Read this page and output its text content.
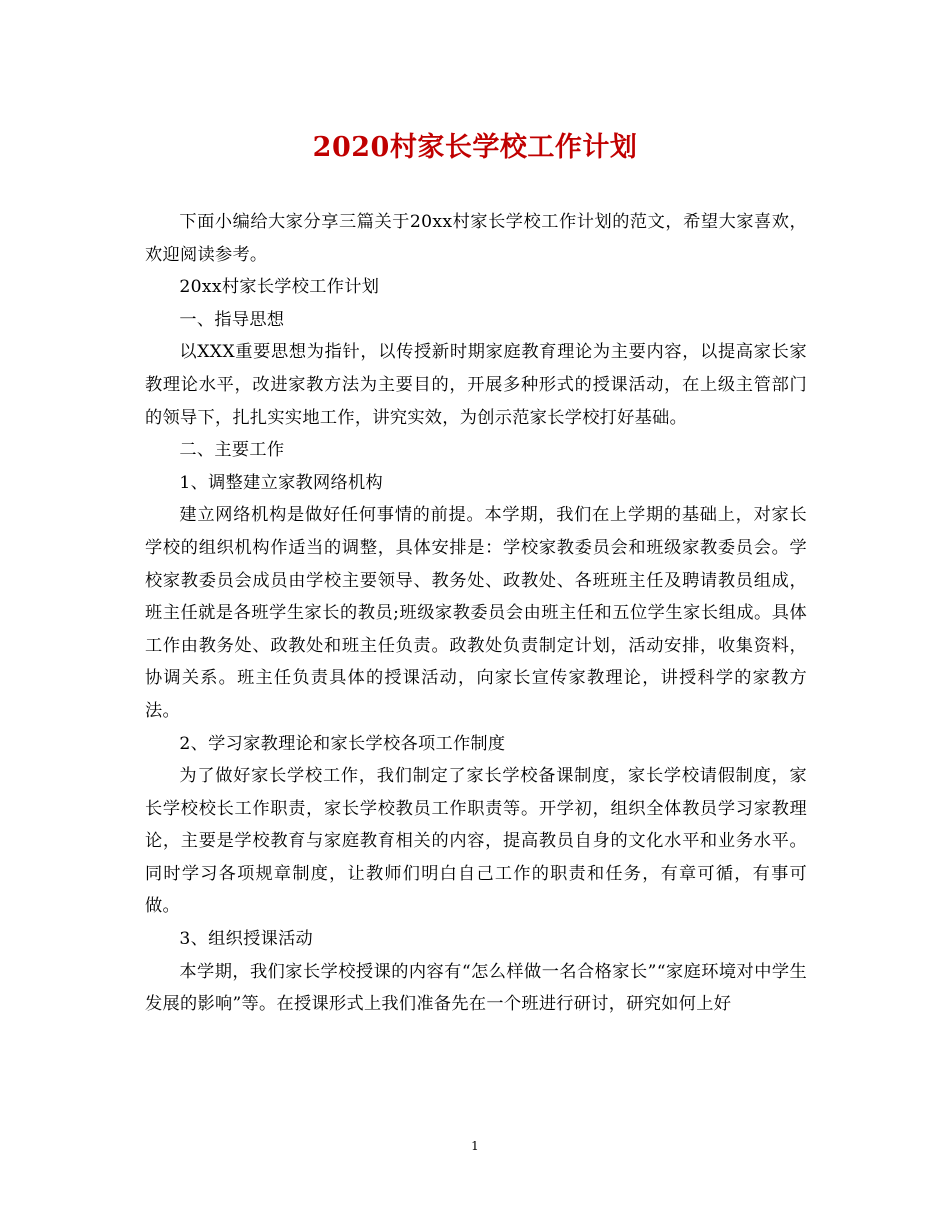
2020村家长学校工作计划

下面小编给大家分享三篇关于20xx村家长学校工作计划的范文，希望大家喜欢，欢迎阅读参考。

20xx村家长学校工作计划

一、指导思想

以XXX重要思想为指针，以传授新时期家庭教育理论为主要内容，以提高家长家教理论水平，改进家教方法为主要目的，开展多种形式的授课活动，在上级主管部门的领导下，扎扎实实地工作，讲究实效，为创示范家长学校打好基础。

二、主要工作

1、调整建立家教网络机构

建立网络机构是做好任何事情的前提。本学期，我们在上学期的基础上，对家长学校的组织机构作适当的调整，具体安排是：学校家教委员会和班级家教委员会。学校家教委员会成员由学校主要领导、教务处、政教处、各班班主任及聘请教员组成，班主任就是各班学生家长的教员;班级家教委员会由班主任和五位学生家长组成。具体工作由教务处、政教处和班主任负责。政教处负责制定计划，活动安排，收集资料，协调关系。班主任负责具体的授课活动，向家长宣传家教理论，讲授科学的家教方法。

2、学习家教理论和家长学校各项工作制度

为了做好家长学校工作，我们制定了家长学校备课制度，家长学校请假制度，家长学校校长工作职责，家长学校教员工作职责等。开学初，组织全体教员学习家教理论，主要是学校教育与家庭教育相关的内容，提高教员自身的文化水平和业务水平。同时学习各项规章制度，让教师们明白自己工作的职责和任务，有章可循，有事可做。

3、组织授课活动

本学期，我们家长学校授课的内容有“怎么样做一名合格家长”“家庭环境对中学生发展的影响”等。在授课形式上我们准备先在一个班进行研讨，研究如何上好

1
